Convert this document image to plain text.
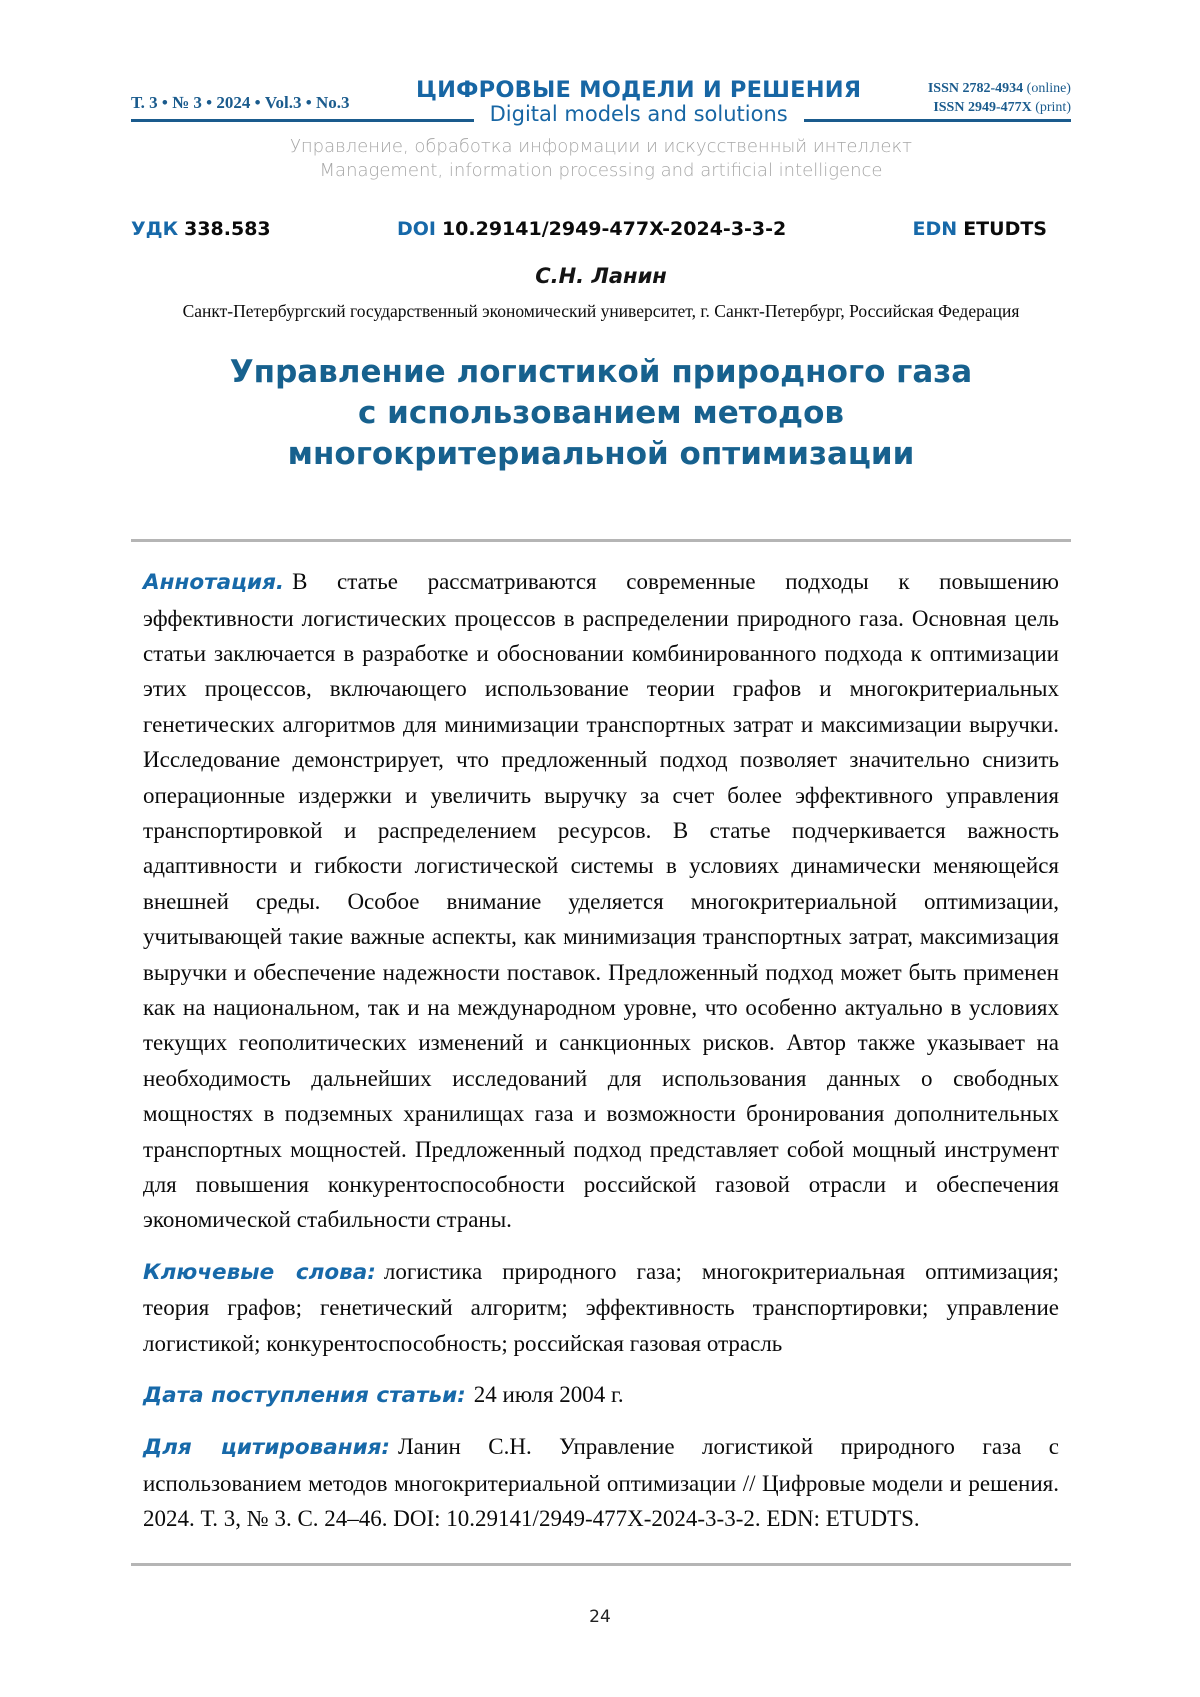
Т. 3 • № 3 • 2024 • Vol.3 • No.3	ЦИФРОВЫЕ МОДЕЛИ И РЕШЕНИЯ
Digital models and solutions
ISSN 2782-4934 (online)
ISSN 2949-477X (print)
Управление, обработка информации и искусственный интеллект
Management, information processing and artificial intelligence
УДК 338.583	DOI 10.29141/2949-477X-2024-3-3-2	EDN ETUDTS
С.Н. Ланин
Санкт-Петербургский государственный экономический университет, г. Санкт-Петербург, Российская Федерация
Управление логистикой природного газа
с использованием методов
многокритериальной оптимизации

Аннотация. В статье рассматриваются современные подходы к повышению эффективности логистических процессов в распределении природного газа. Основная цель статьи заключается в разработке и обосновании комбинированного подхода к оптимизации этих процессов, включающего использование теории графов и многокритериальных генетических алгоритмов для минимизации транспортных затрат и максимизации выручки. Исследование демонстрирует, что предложенный подход позволяет значительно снизить операционные издержки и увеличить выручку за счет более эффективного управления транспортировкой и распределением ресурсов. В статье подчеркивается важность адаптивности и гибкости логистической системы в условиях динамически меняющейся внешней среды. Особое внимание уделяется многокритериальной оптимизации, учитывающей такие важные аспекты, как минимизация транспортных затрат, максимизация выручки и обеспечение надежности поставок. Предложенный подход может быть применен как на национальном, так и на международном уровне, что особенно актуально в условиях текущих геополитических изменений и санкционных рисков. Автор также указывает на необходимость дальнейших исследований для использования данных о свободных мощностях в подземных хранилищах газа и возможности бронирования дополнительных транспортных мощностей. Предложенный подход представляет собой мощный инструмент для повышения конкурентоспособности российской газовой отрасли и обеспечения экономической стабильности страны.

Ключевые слова: логистика природного газа; многокритериальная оптимизация; теория графов; генетический алгоритм; эффективность транспортировки; управление логистикой; конкурентоспособность; российская газовая отрасль

Дата поступления статьи: 24 июля 2004 г.

Для цитирования: Ланин С.Н. Управление логистикой природного газа с использованием методов многокритериальной оптимизации // Цифровые модели и решения. 2024. Т. 3, № 3. С. 24–46. DOI: 10.29141/2949-477X-2024-3-3-2. EDN: ETUDTS.

24
